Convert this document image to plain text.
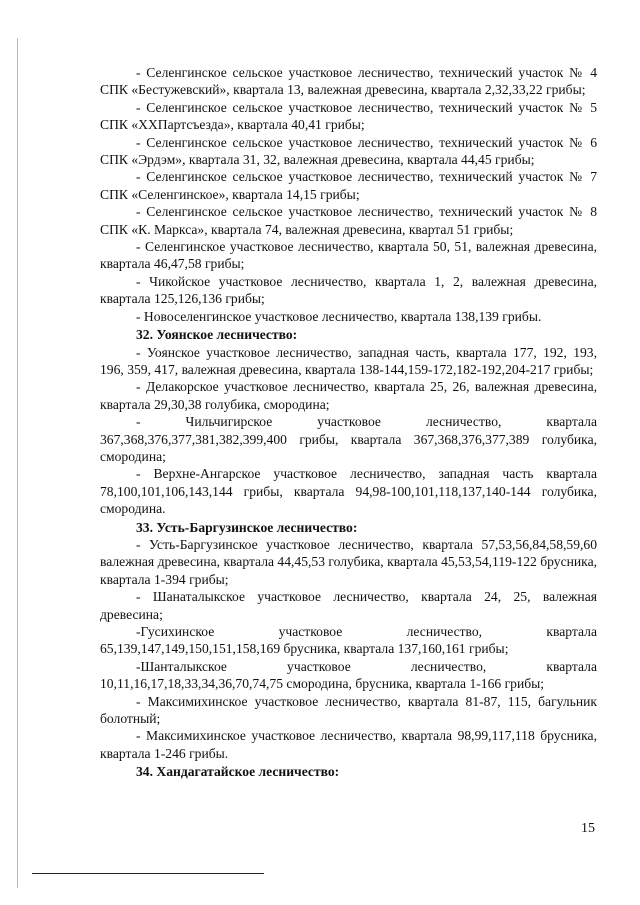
- Селенгинское сельское участковое лесничество, технический участок № 4 СПК «Бестужевский», квартала 13, валежная древесина, квартала 2,32,33,22 грибы;

- Селенгинское сельское участковое лесничество, технический участок № 5 СПК «ХХПартсъезда», квартала 40,41 грибы;

- Селенгинское сельское участковое лесничество, технический участок № 6 СПК «Эрдэм», квартала 31, 32, валежная древесина, квартала 44,45 грибы;

- Селенгинское сельское участковое лесничество, технический участок № 7 СПК «Селенгинское», квартала 14,15 грибы;

- Селенгинское сельское участковое лесничество, технический участок № 8 СПК «К. Маркса», квартала 74, валежная древесина, квартал 51 грибы;

- Селенгинское участковое лесничество, квартала 50, 51, валежная древесина, квартала 46,47,58 грибы;

- Чикойское участковое лесничество, квартала 1, 2, валежная древесина, квартала 125,126,136 грибы;

- Новоселенгинское участковое лесничество, квартала 138,139 грибы.

32. Уоянское лесничество:

- Уоянское участковое лесничество, западная часть, квартала 177, 192, 193, 196, 359, 417, валежная древесина, квартала 138-144,159-172,182-192,204-217 грибы;

- Делакорское участковое лесничество, квартала 25, 26, валежная древесина, квартала 29,30,38 голубика, смородина;

- Чильчигирское участковое лесничество, квартала 367,368,376,377,381,382,399,400 грибы, квартала 367,368,376,377,389 голубика, смородина;

- Верхне-Ангарское участковое лесничество, западная часть квартала 78,100,101,106,143,144 грибы, квартала 94,98-100,101,118,137,140-144 голубика, смородина.

33. Усть-Баргузинское лесничество:

- Усть-Баргузинское участковое лесничество, квартала 57,53,56,84,58,59,60 валежная древесина, квартала 44,45,53 голубика, квартала 45,53,54,119-122 брусника, квартала 1-394 грибы;

- Шанаталыкское участковое лесничество, квартала 24, 25, валежная древесина;

-Гусихинское участковое лесничество, квартала 65,139,147,149,150,151,158,169 брусника, квартала 137,160,161 грибы;

-Шанталыкское участковое лесничество, квартала 10,11,16,17,18,33,34,36,70,74,75 смородина, брусника, квартала 1-166 грибы;

- Максимихинское участковое лесничество, квартала 81-87, 115, багульник болотный;

- Максимихинское участковое лесничество, квартала 98,99,117,118 брусника, квартала 1-246 грибы.

34. Хандагатайское лесничество:

15
